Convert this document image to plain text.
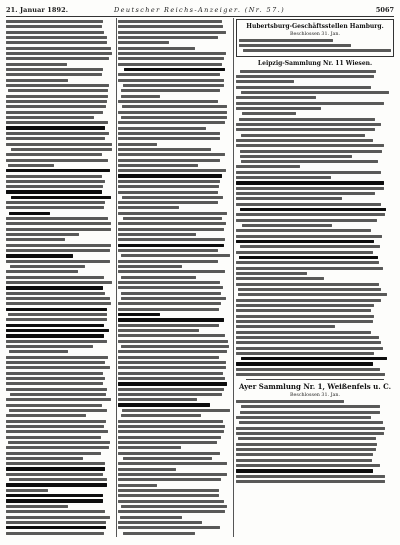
21. Januar 1892.	Deutscher Reichs-Anzeiger. (Nr. 57.)	5067
Hubertsburg-Geschäftsstellen Hamburg.
Beschlossen 31. Jan.
Leipzig-Sammlung Nr. 11 Wiesen.
Ayer Sammlung Nr. 1, Weißenfels u. C.
Beschlossen 31. Jan.
